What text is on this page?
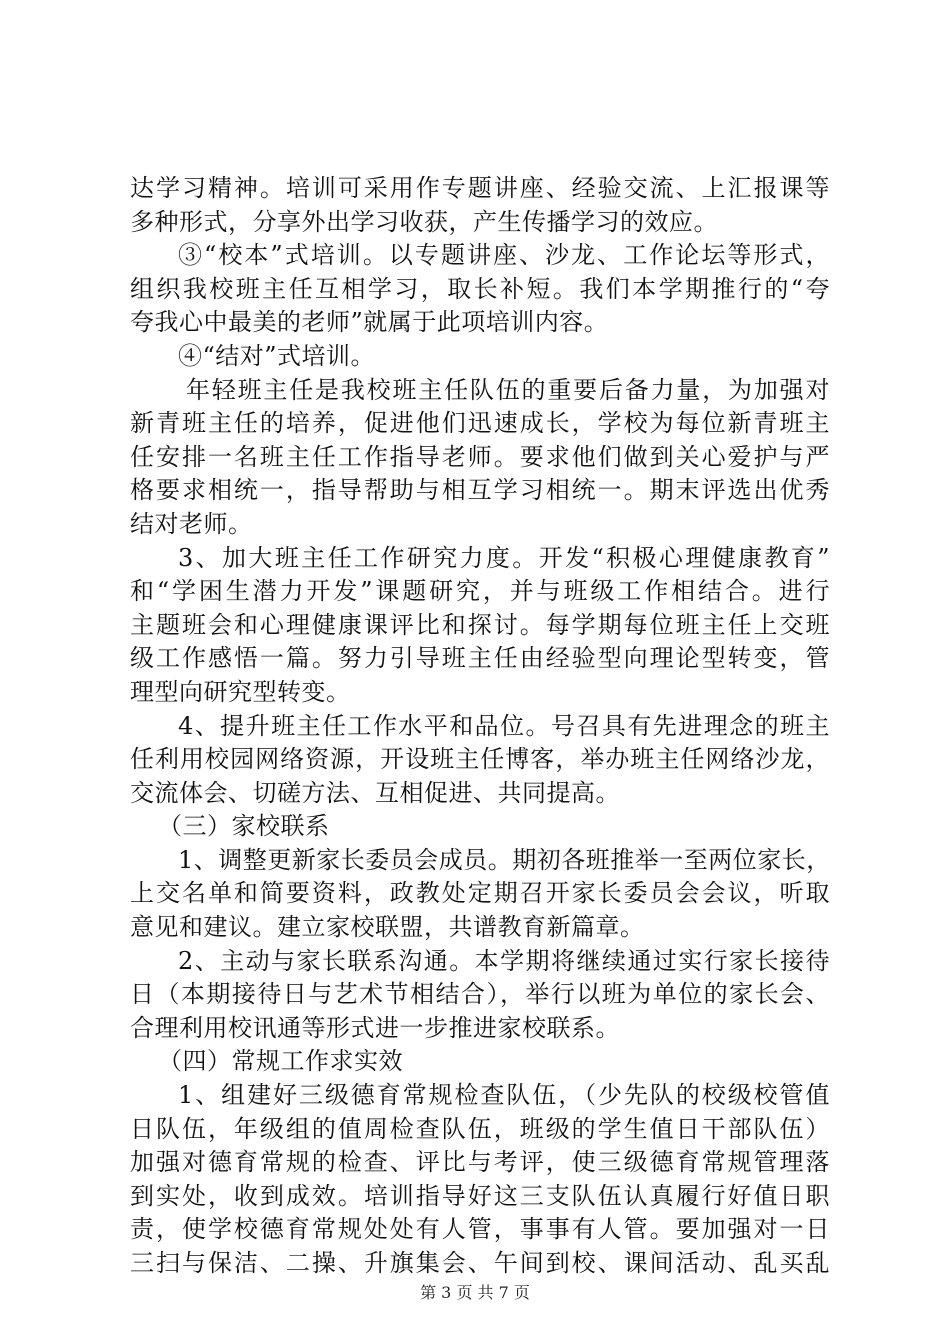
达学习精神。培训可采用作专题讲座、经验交流、上汇报课等
多种形式，分享外出学习收获，产生传播学习的效应。
③“校本”式培训。以专题讲座、沙龙、工作论坛等形式，
组织我校班主任互相学习，取长补短。我们本学期推行的“夸
夸我心中最美的老师”就属于此项培训内容。
④“结对”式培训。
年轻班主任是我校班主任队伍的重要后备力量，为加强对
新青班主任的培养，促进他们迅速成长，学校为每位新青班主
任安排一名班主任工作指导老师。要求他们做到关心爱护与严
格要求相统一，指导帮助与相互学习相统一。期末评选出优秀
结对老师。
3、加大班主任工作研究力度。开发“积极心理健康教育”
和“学困生潜力开发”课题研究，并与班级工作相结合。进行
主题班会和心理健康课评比和探讨。每学期每位班主任上交班
级工作感悟一篇。努力引导班主任由经验型向理论型转变，管
理型向研究型转变。
4、提升班主任工作水平和品位。号召具有先进理念的班主
任利用校园网络资源，开设班主任博客，举办班主任网络沙龙，
交流体会、切磋方法、互相促进、共同提高。
（三）家校联系
1、调整更新家长委员会成员。期初各班推举一至两位家长，
上交名单和简要资料，政教处定期召开家长委员会会议，听取
意见和建议。建立家校联盟，共谱教育新篇章。
2、主动与家长联系沟通。本学期将继续通过实行家长接待
日（本期接待日与艺术节相结合），举行以班为单位的家长会、
合理利用校讯通等形式进一步推进家校联系。
（四）常规工作求实效
1、组建好三级德育常规检查队伍，（少先队的校级校管值
日队伍，年级组的值周检查队伍，班级的学生值日干部队伍）
加强对德育常规的检查、评比与考评，使三级德育常规管理落
到实处，收到成效。培训指导好这三支队伍认真履行好值日职
责，使学校德育常规处处有人管，事事有人管。要加强对一日
三扫与保洁、二操、升旗集会、午间到校、课间活动、乱买乱
第 3 页 共 7 页
